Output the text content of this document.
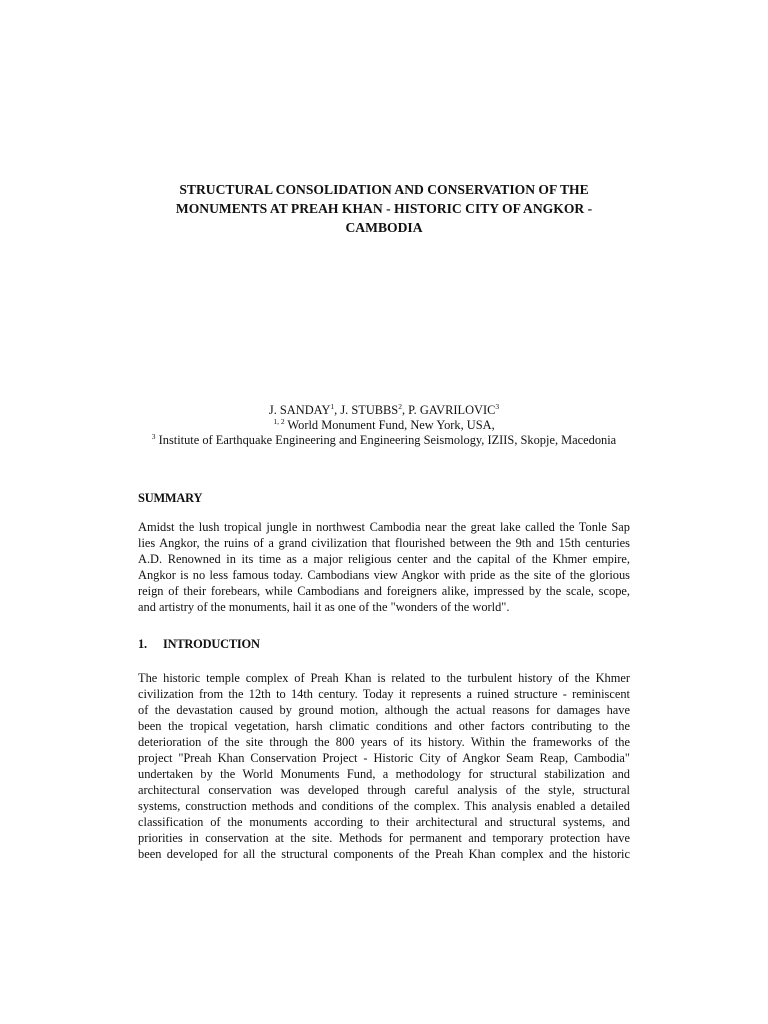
STRUCTURAL CONSOLIDATION AND CONSERVATION OF THE
MONUMENTS AT PREAH KHAN - HISTORIC CITY OF ANGKOR -
CAMBODIA
J. SANDAY$^1$, J. STUBBS$^2$, P. GAVRILOVIC$^3$
$^{1, 2}$ World Monument Fund, New York, USA,
$^3$ Institute of Earthquake Engineering and Engineering Seismology, IZIIS, Skopje, Macedonia
SUMMARY
Amidst the lush tropical jungle in northwest Cambodia near the great lake called the Tonle Sap
lies Angkor, the ruins of a grand civilization that flourished between the 9th and 15th centuries
A.D. Renowned in its time as a major religious center and the capital of the Khmer empire,
Angkor is no less famous today. Cambodians view Angkor with pride as the site of the glorious
reign of their forebears, while Cambodians and foreigners alike, impressed by the scale, scope,
and artistry of the monuments, hail it as one of the "wonders of the world".
1. INTRODUCTION
The historic temple complex of Preah Khan is related to the turbulent history of the Khmer
civilization from the 12th to 14th century. Today it represents a ruined structure - reminiscent
of the devastation caused by ground motion, although the actual reasons for damages have
been the tropical vegetation, harsh climatic conditions and other factors contributing to the
deterioration of the site through the 800 years of its history. Within the frameworks of the
project "Preah Khan Conservation Project - Historic City of Angkor Seam Reap, Cambodia"
undertaken by the World Monuments Fund, a methodology for structural stabilization and
architectural conservation was developed through careful analysis of the style, structural
systems, construction methods and conditions of the complex. This analysis enabled a detailed
classification of the monuments according to their architectural and structural systems, and
priorities in conservation at the site. Methods for permanent and temporary protection have
been developed for all the structural components of the Preah Khan complex and the historic
